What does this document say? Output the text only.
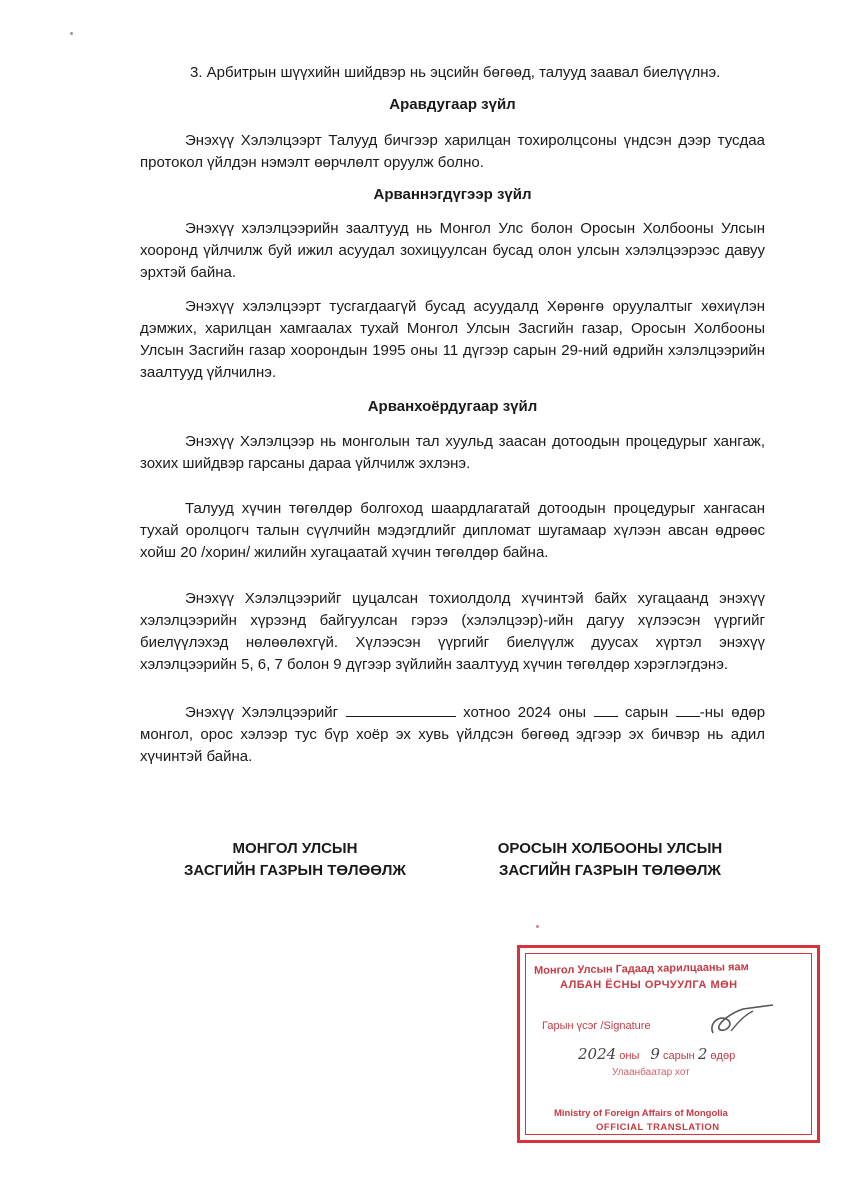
3. Арбитрын шүүхийн шийдвэр нь эцсийн бөгөөд, талууд заавал биелүүлнэ.

Аравдугаар зүйл

Энэхүү Хэлэлцээрт Талууд бичгээр харилцан тохиролцсоны үндсэн дээр тусдаа протокол үйлдэн нэмэлт өөрчлөлт оруулж болно.

Арваннэгдүгээр зүйл

Энэхүү хэлэлцээрийн заалтууд нь Монгол Улс болон Оросын Холбооны Улсын хооронд үйлчилж буй ижил асуудал зохицуулсан бусад олон улсын хэлэлцээрээс давуу эрхтэй байна.

Энэхүү хэлэлцээрт тусгагдаагүй бусад асуудалд Хөрөнгө оруулалтыг хөхиүлэн дэмжих, харилцан хамгаалах тухай Монгол Улсын Засгийн газар, Оросын Холбооны Улсын Засгийн газар хоорондын 1995 оны 11 дүгээр сарын 29-ний өдрийн хэлэлцээрийн заалтууд үйлчилнэ.

Арванхоёрдугаар зүйл

Энэхүү Хэлэлцээр нь монголын тал хуульд заасан дотоодын процедурыг хангаж, зохих шийдвэр гарсаны дараа үйлчилж эхлэнэ.

Талууд хүчин төгөлдөр болгоход шаардлагатай дотоодын процедурыг хангасан тухай оролцогч талын сүүлчийн мэдэгдлийг дипломат шугамаар хүлээн авсан өдрөөс хойш 20 /хорин/ жилийн хугацаатай хүчин төгөлдөр байна.

Энэхүү Хэлэлцээрийг цуцалсан тохиолдолд хүчинтэй байх хугацаанд энэхүү хэлэлцээрийн хүрээнд байгуулсан гэрээ (хэлэлцээр)-ийн дагуу хүлээсэн үүргийг биелүүлэхэд нөлөөлөхгүй. Хүлээсэн үүргийг биелүүлж дуусах хүртэл энэхүү хэлэлцээрийн 5, 6, 7 болон 9 дүгээр зүйлийн заалтууд хүчин төгөлдөр хэрэглэгдэнэ.

Энэхүү Хэлэлцээрийг	хотноо 2024 оны	сарын -ны өдөр монгол, орос хэлээр тус бүр хоёр эх хувь үйлдсэн бөгөөд эдгээр эх бичвэр нь адил хүчинтэй байна.

МОНГОЛ УЛСЫН
ЗАСГИЙН ГАЗРЫН ТӨЛӨӨЛЖ
ОРОСЫН ХОЛБООНЫ УЛСЫН
ЗАСГИЙН ГАЗРЫН ТӨЛӨӨЛЖ
Монгол Улсын Гадаад харилцааны яам
АЛБАН ЁСНЫ ОРЧУУЛГА МӨН
Гарын үсэг /Signature
2024 оны 9 сарын 2 өдөр
Улаанбаатар хот
Ministry of Foreign Affairs of Mongolia
OFFICIAL TRANSLATION
